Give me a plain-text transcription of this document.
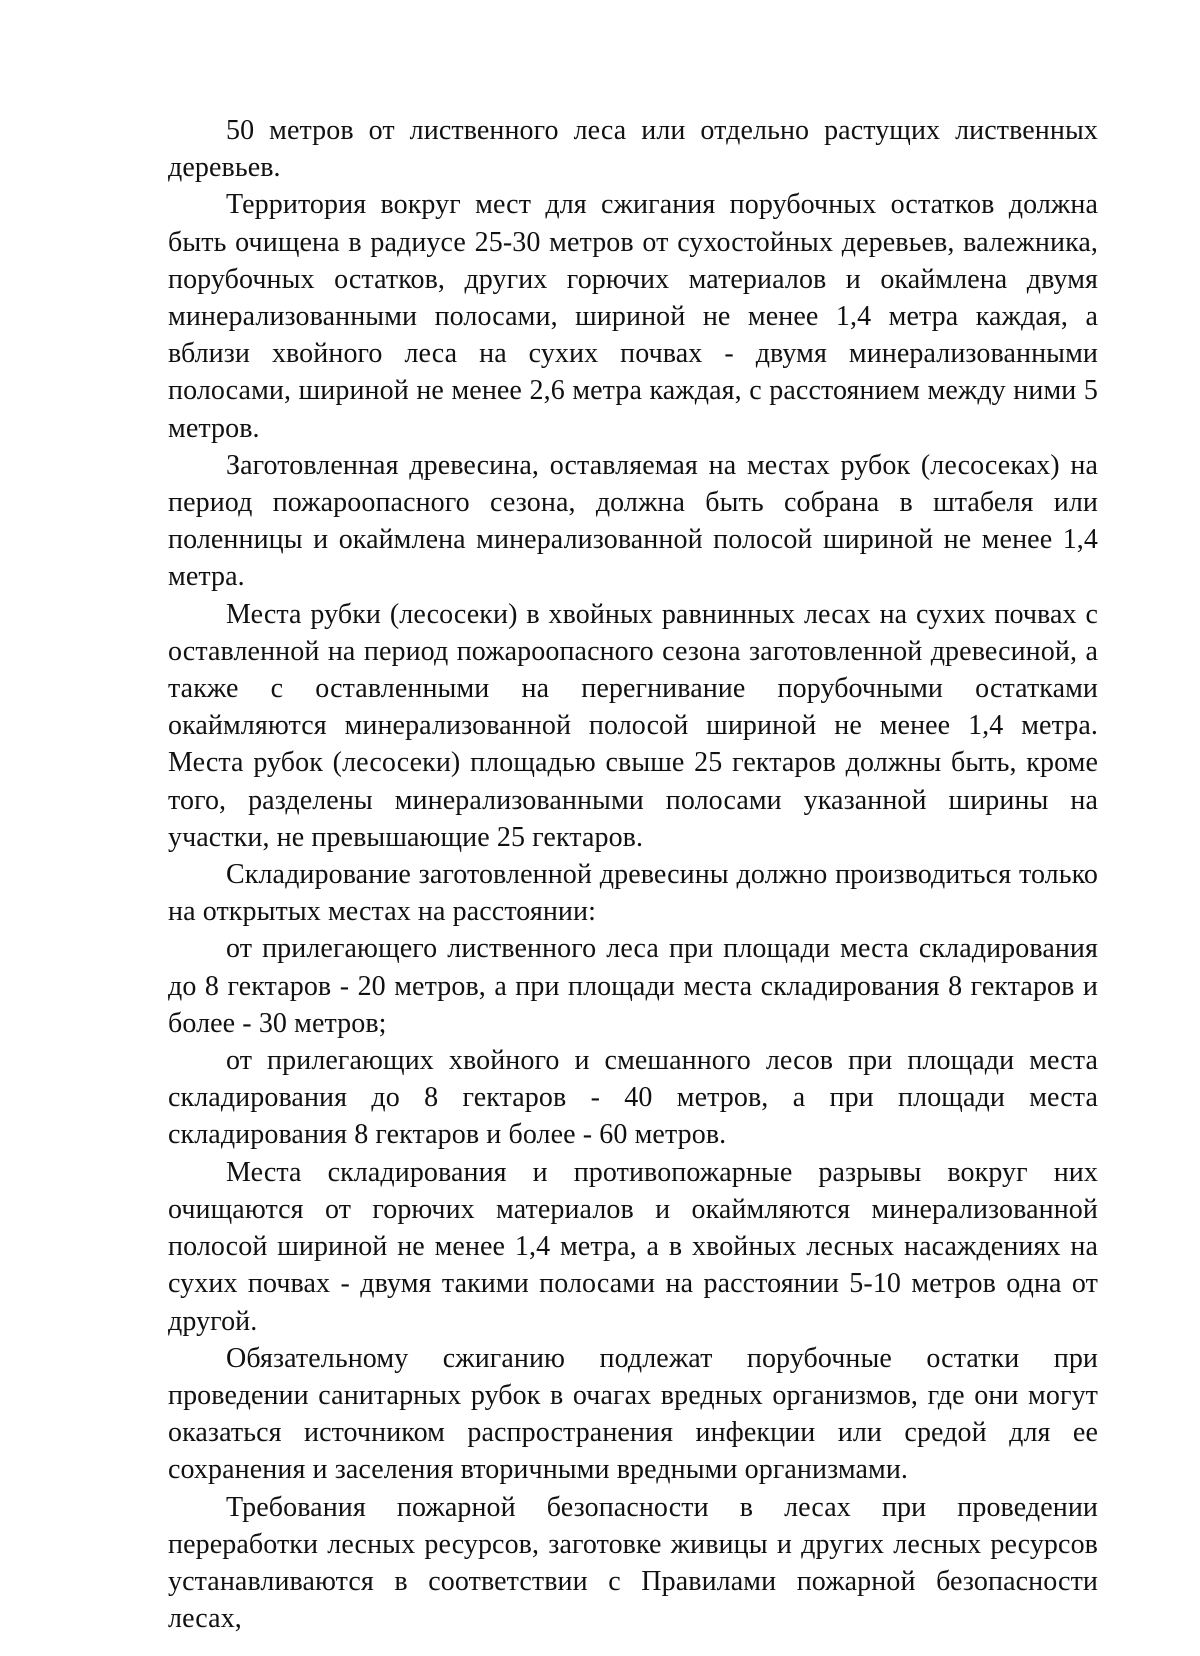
50 метров от лиственного леса или отдельно растущих лиственных деревьев.

Территория вокруг мест для сжигания порубочных остатков должна быть очищена в радиусе 25-30 метров от сухостойных деревьев, валежника, порубочных остатков, других горючих материалов и окаймлена двумя минерализованными полосами, шириной не менее 1,4 метра каждая, а вблизи хвойного леса на сухих почвах - двумя минерализованными полосами, шириной не менее 2,6 метра каждая, с расстоянием между ними 5 метров.

Заготовленная древесина, оставляемая на местах рубок (лесосеках) на период пожароопасного сезона, должна быть собрана в штабеля или поленницы и окаймлена минерализованной полосой шириной не менее 1,4 метра.

Места рубки (лесосеки) в хвойных равнинных лесах на сухих почвах с оставленной на период пожароопасного сезона заготовленной древесиной, а также с оставленными на перегнивание порубочными остатками окаймляются минерализованной полосой шириной не менее 1,4 метра. Места рубок (лесосеки) площадью свыше 25 гектаров должны быть, кроме того, разделены минерализованными полосами указанной ширины на участки, не превышающие 25 гектаров.

Складирование заготовленной древесины должно производиться только на открытых местах на расстоянии:

от прилегающего лиственного леса при площади места складирования до 8 гектаров - 20 метров, а при площади места складирования 8 гектаров и более - 30 метров;

от прилегающих хвойного и смешанного лесов при площади места складирования до 8 гектаров - 40 метров, а при площади места складирования 8 гектаров и более - 60 метров.

Места складирования и противопожарные разрывы вокруг них очищаются от горючих материалов и окаймляются минерализованной полосой шириной не менее 1,4 метра, а в хвойных лесных насаждениях на сухих почвах - двумя такими полосами на расстоянии 5-10 метров одна от другой.

Обязательному сжиганию подлежат порубочные остатки при проведении санитарных рубок в очагах вредных организмов, где они могут оказаться источником распространения инфекции или средой для ее сохранения и заселения вторичными вредными организмами.

Требования пожарной безопасности в лесах при проведении переработки лесных ресурсов, заготовке живицы и других лесных ресурсов устанавливаются в соответствии с Правилами пожарной безопасности лесах,
